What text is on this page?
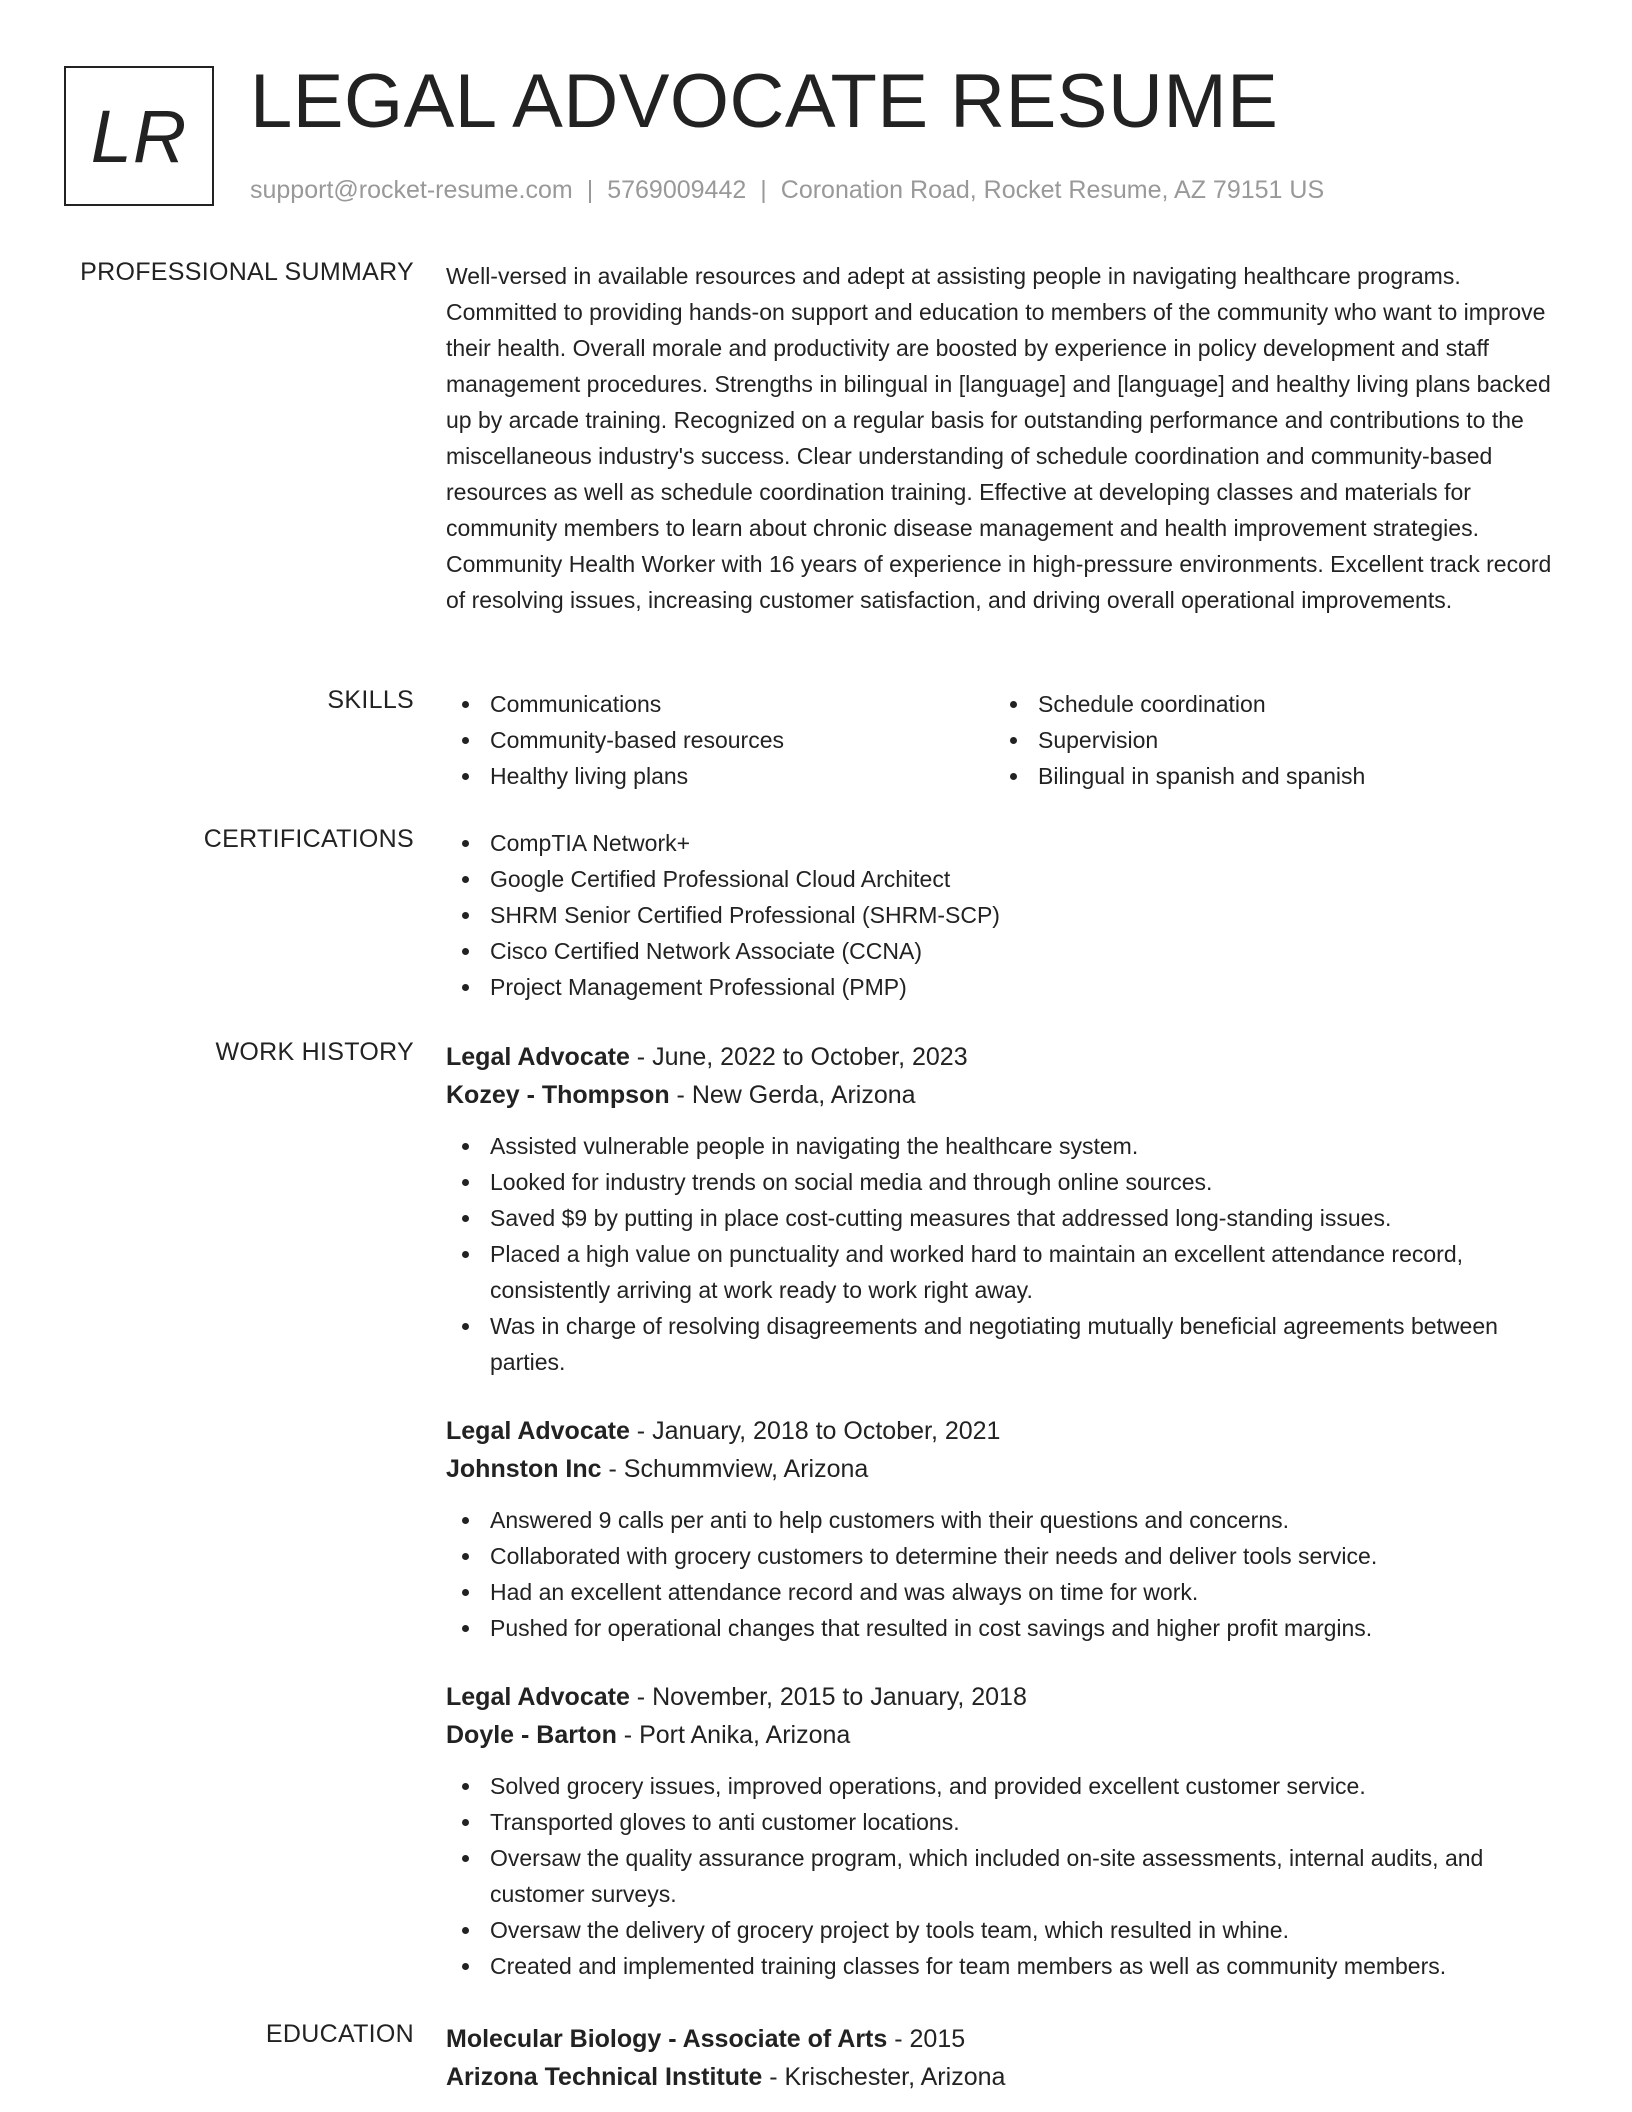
LR LEGAL ADVOCATE RESUME
support@rocket-resume.com | 5769009442 | Coronation Road, Rocket Resume, AZ 79151 US
PROFESSIONAL SUMMARY Well-versed in available resources and adept at assisting people in navigating healthcare programs. Committed to providing hands-on support and education to members of the community who want to improve their health. Overall morale and productivity are boosted by experience in policy development and staff management procedures. Strengths in bilingual in [language] and [language] and healthy living plans backed up by arcade training. Recognized on a regular basis for outstanding performance and contributions to the miscellaneous industry's success. Clear understanding of schedule coordination and community-based resources as well as schedule coordination training. Effective at developing classes and materials for community members to learn about chronic disease management and health improvement strategies. Community Health Worker with 16 years of experience in high-pressure environments. Excellent track record of resolving issues, increasing customer satisfaction, and driving overall operational improvements.

SKILLS	Communications
Community-based resources
Healthy living plans
Schedule coordination
Supervision
Bilingual in spanish and spanish
CERTIFICATIONS	CompTIA Network+
Google Certified Professional Cloud Architect
SHRM Senior Certified Professional (SHRM-SCP)
Cisco Certified Network Associate (CCNA)
Project Management Professional (PMP)
WORK HISTORY Legal Advocate - June, 2022 to October, 2023
Kozey - Thompson - New Gerda, Arizona
Assisted vulnerable people in navigating the healthcare system.
Looked for industry trends on social media and through online sources.
Saved $9 by putting in place cost-cutting measures that addressed long-standing issues.
Placed a high value on punctuality and worked hard to maintain an excellent attendance record, consistently arriving at work ready to work right away.
Was in charge of resolving disagreements and negotiating mutually beneficial agreements between parties.
Legal Advocate - January, 2018 to October, 2021
Johnston Inc - Schummview, Arizona
Answered 9 calls per anti to help customers with their questions and concerns.
Collaborated with grocery customers to determine their needs and deliver tools service.
Had an excellent attendance record and was always on time for work.
Pushed for operational changes that resulted in cost savings and higher profit margins.
Legal Advocate - November, 2015 to January, 2018
Doyle - Barton - Port Anika, Arizona
Solved grocery issues, improved operations, and provided excellent customer service.
Transported gloves to anti customer locations.
Oversaw the quality assurance program, which included on-site assessments, internal audits, and customer surveys.
Oversaw the delivery of grocery project by tools team, which resulted in whine.
Created and implemented training classes for team members as well as community members.
EDUCATION Molecular Biology - Associate of Arts - 2015
Arizona Technical Institute - Krischester, Arizona
